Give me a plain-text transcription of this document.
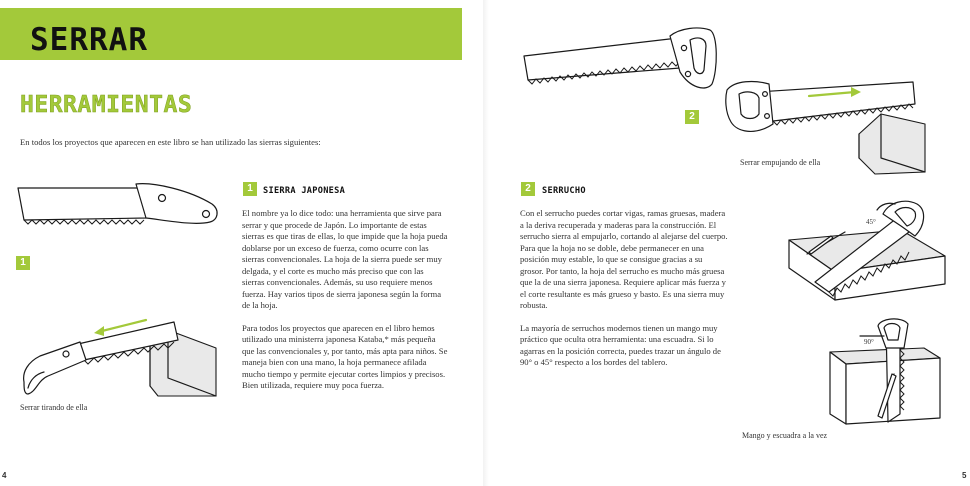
SERRAR
HERRAMIENTAS
En todos los proyectos que aparecen en este libro se han utilizado las sierras siguientes:
1
Serrar tirando de ella
1	SIERRA JAPONESA

El nombre ya lo dice todo: una herramienta que sirve para serrar y que procede de Japón. Lo importante de estas sierras es que tiras de ellas, lo que impide que la hoja pueda doblarse por un exceso de fuerza, como ocurre con las sierras convencionales. La hoja de la sierra puede ser muy delgada, y el corte es mucho más preciso que con las sierras convencionales. Además, su uso requiere menos fuerza. Hay varios tipos de sierra japonesa según la forma de la hoja.

Para todos los proyectos que aparecen en el libro hemos utilizado una ministerra japonesa Kataba,* más pequeña que las convencionales y, por tanto, más apta para niños. Se maneja bien con una mano, la hoja permanece afilada mucho tiempo y permite ejecutar cortes limpios y precisos. Bien utilizada, requiere muy poca fuerza.

4
2
Serrar empujando de ella
45°
90°
Mango y escuadra a la vez
2	SERRUCHO

Con el serrucho puedes cortar vigas, ramas gruesas, madera a la deriva recuperada y maderas para la construcción. El serrucho sierra al empujarlo, cortando al alejarse del cuerpo. Para que la hoja no se doble, debe permanecer en una posición muy estable, lo que se consigue gracias a su grosor. Por tanto, la hoja del serrucho es mucho más gruesa que la de una sierra japonesa. Requiere aplicar más fuerza y el corte resultante es más grueso y basto. Es una sierra muy robusta.

La mayoría de serruchos modernos tienen un mango muy práctico que oculta otra herramienta: una escuadra. Si lo agarras en la posición correcta, puedes trazar un ángulo de 90° o 45° respecto a los bordes del tablero.

5
